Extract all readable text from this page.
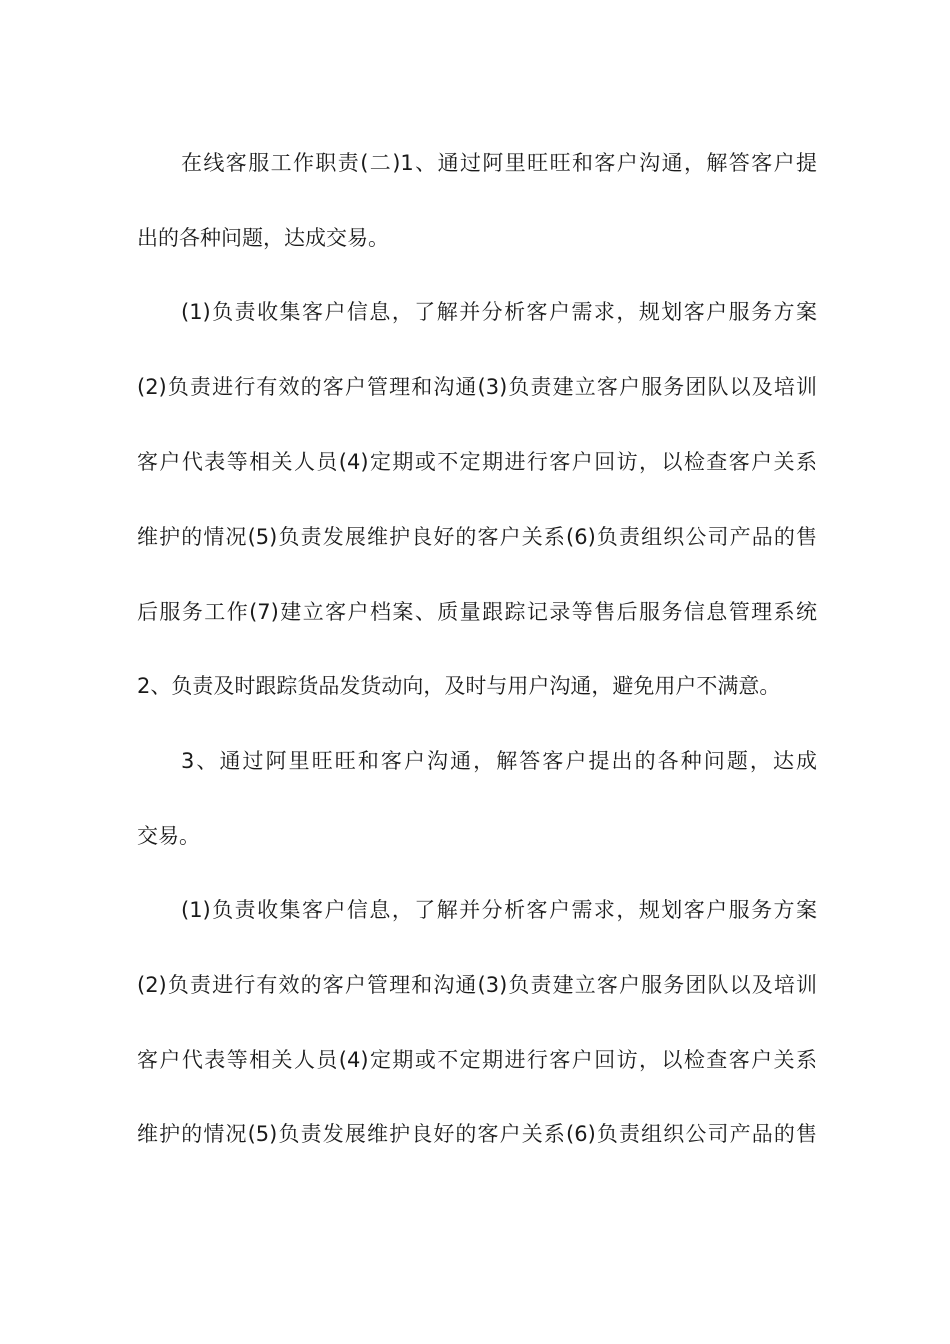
在线客服工作职责(二)1、通过阿里旺旺和客户沟通，解答客户提
出的各种问题，达成交易。
(1)负责收集客户信息，了解并分析客户需求，规划客户服务方案
(2)负责进行有效的客户管理和沟通(3)负责建立客户服务团队以及培训
客户代表等相关人员(4)定期或不定期进行客户回访，以检查客户关系
维护的情况(5)负责发展维护良好的客户关系(6)负责组织公司产品的售
后服务工作(7)建立客户档案、质量跟踪记录等售后服务信息管理系统
2、负责及时跟踪货品发货动向，及时与用户沟通，避免用户不满意。
3、通过阿里旺旺和客户沟通，解答客户提出的各种问题，达成
交易。
(1)负责收集客户信息，了解并分析客户需求，规划客户服务方案
(2)负责进行有效的客户管理和沟通(3)负责建立客户服务团队以及培训
客户代表等相关人员(4)定期或不定期进行客户回访，以检查客户关系
维护的情况(5)负责发展维护良好的客户关系(6)负责组织公司产品的售
